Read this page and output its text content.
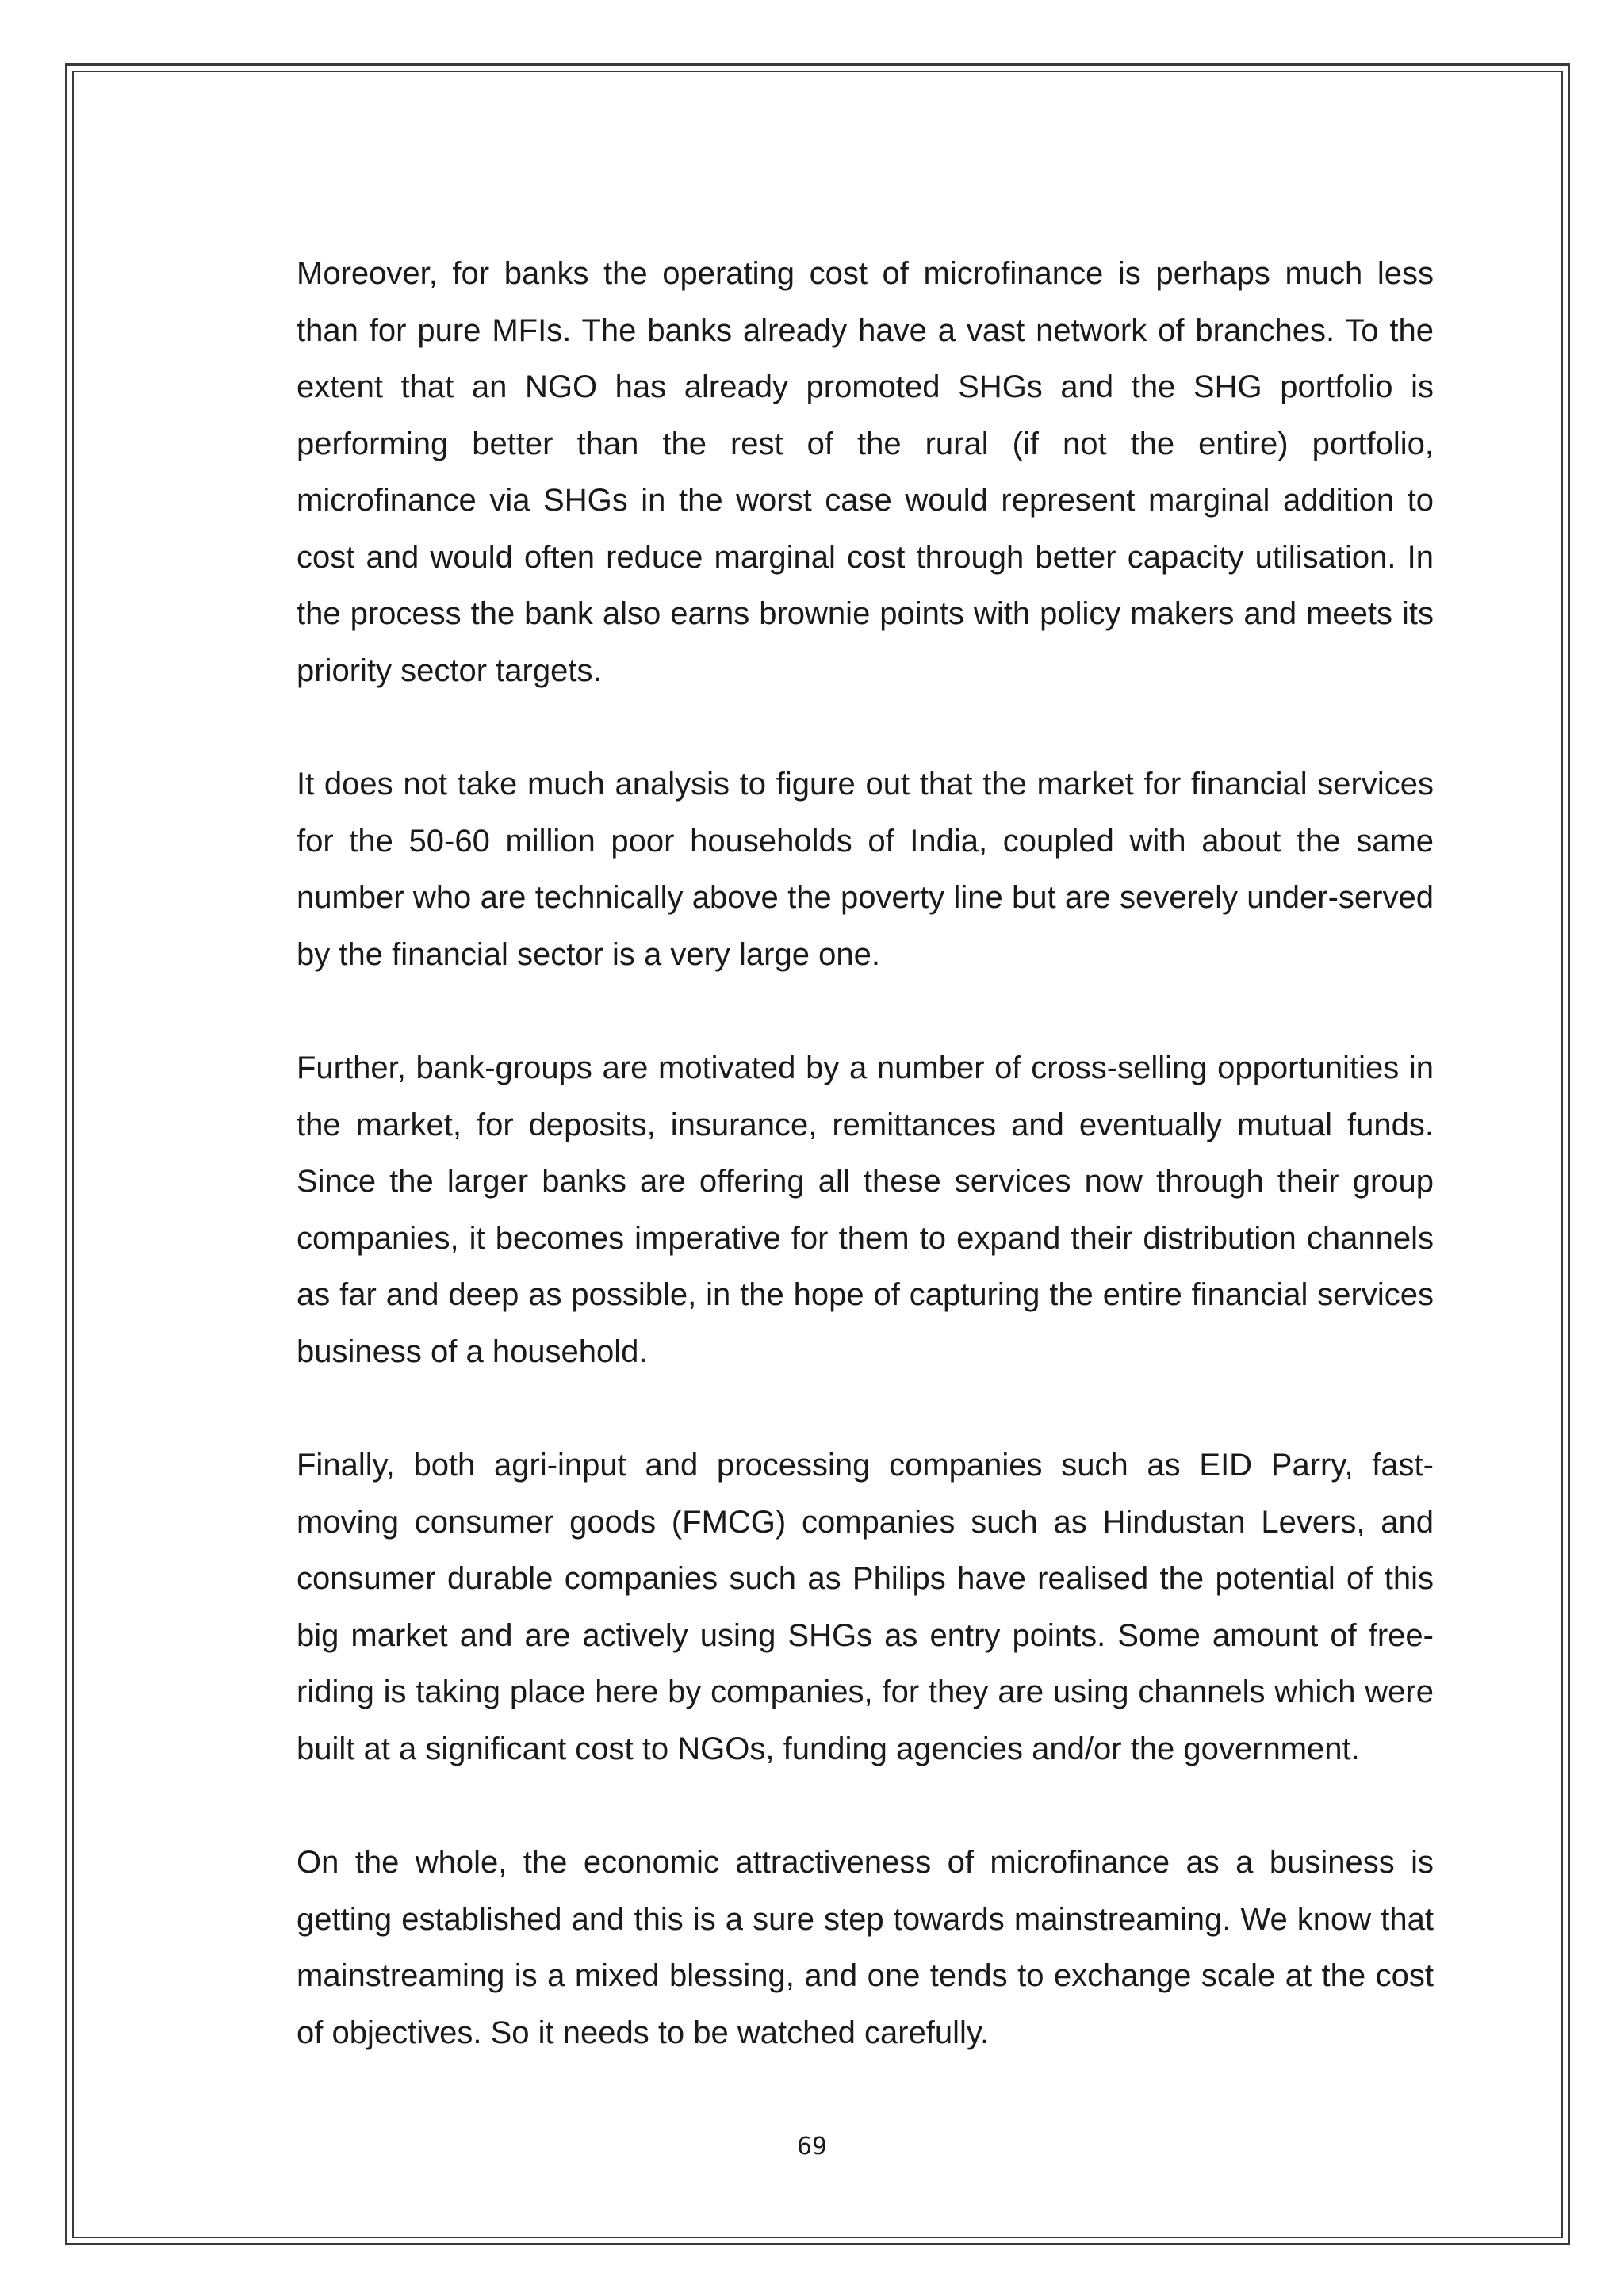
Moreover, for banks the operating cost of microfinance is perhaps much less than for pure MFIs. The banks already have a vast network of branches. To the extent that an NGO has already promoted SHGs and the SHG portfolio is performing better than the rest of the rural (if not the entire) portfolio, microfinance via SHGs in the worst case would represent marginal addition to cost and would often reduce marginal cost through better capacity utilisation. In the process the bank also earns brownie points with policy makers and meets its priority sector targets.

It does not take much analysis to figure out that the market for financial services for the 50-60 million poor households of India, coupled with about the same number who are technically above the poverty line but are severely under-served by the financial sector is a very large one.

Further, bank-groups are motivated by a number of cross-selling opportunities in the market, for deposits, insurance, remittances and eventually mutual funds. Since the larger banks are offering all these services now through their group companies, it becomes imperative for them to expand their distribution channels as far and deep as possible, in the hope of capturing the entire financial services business of a household.

Finally, both agri-input and processing companies such as EID Parry, fast-moving consumer goods (FMCG) companies such as Hindustan Levers, and consumer durable companies such as Philips have realised the potential of this big market and are actively using SHGs as entry points. Some amount of free-riding is taking place here by companies, for they are using channels which were built at a significant cost to NGOs, funding agencies and/or the government.

On the whole, the economic attractiveness of microfinance as a business is getting established and this is a sure step towards mainstreaming. We know that mainstreaming is a mixed blessing, and one tends to exchange scale at the cost of objectives. So it needs to be watched carefully.

69
